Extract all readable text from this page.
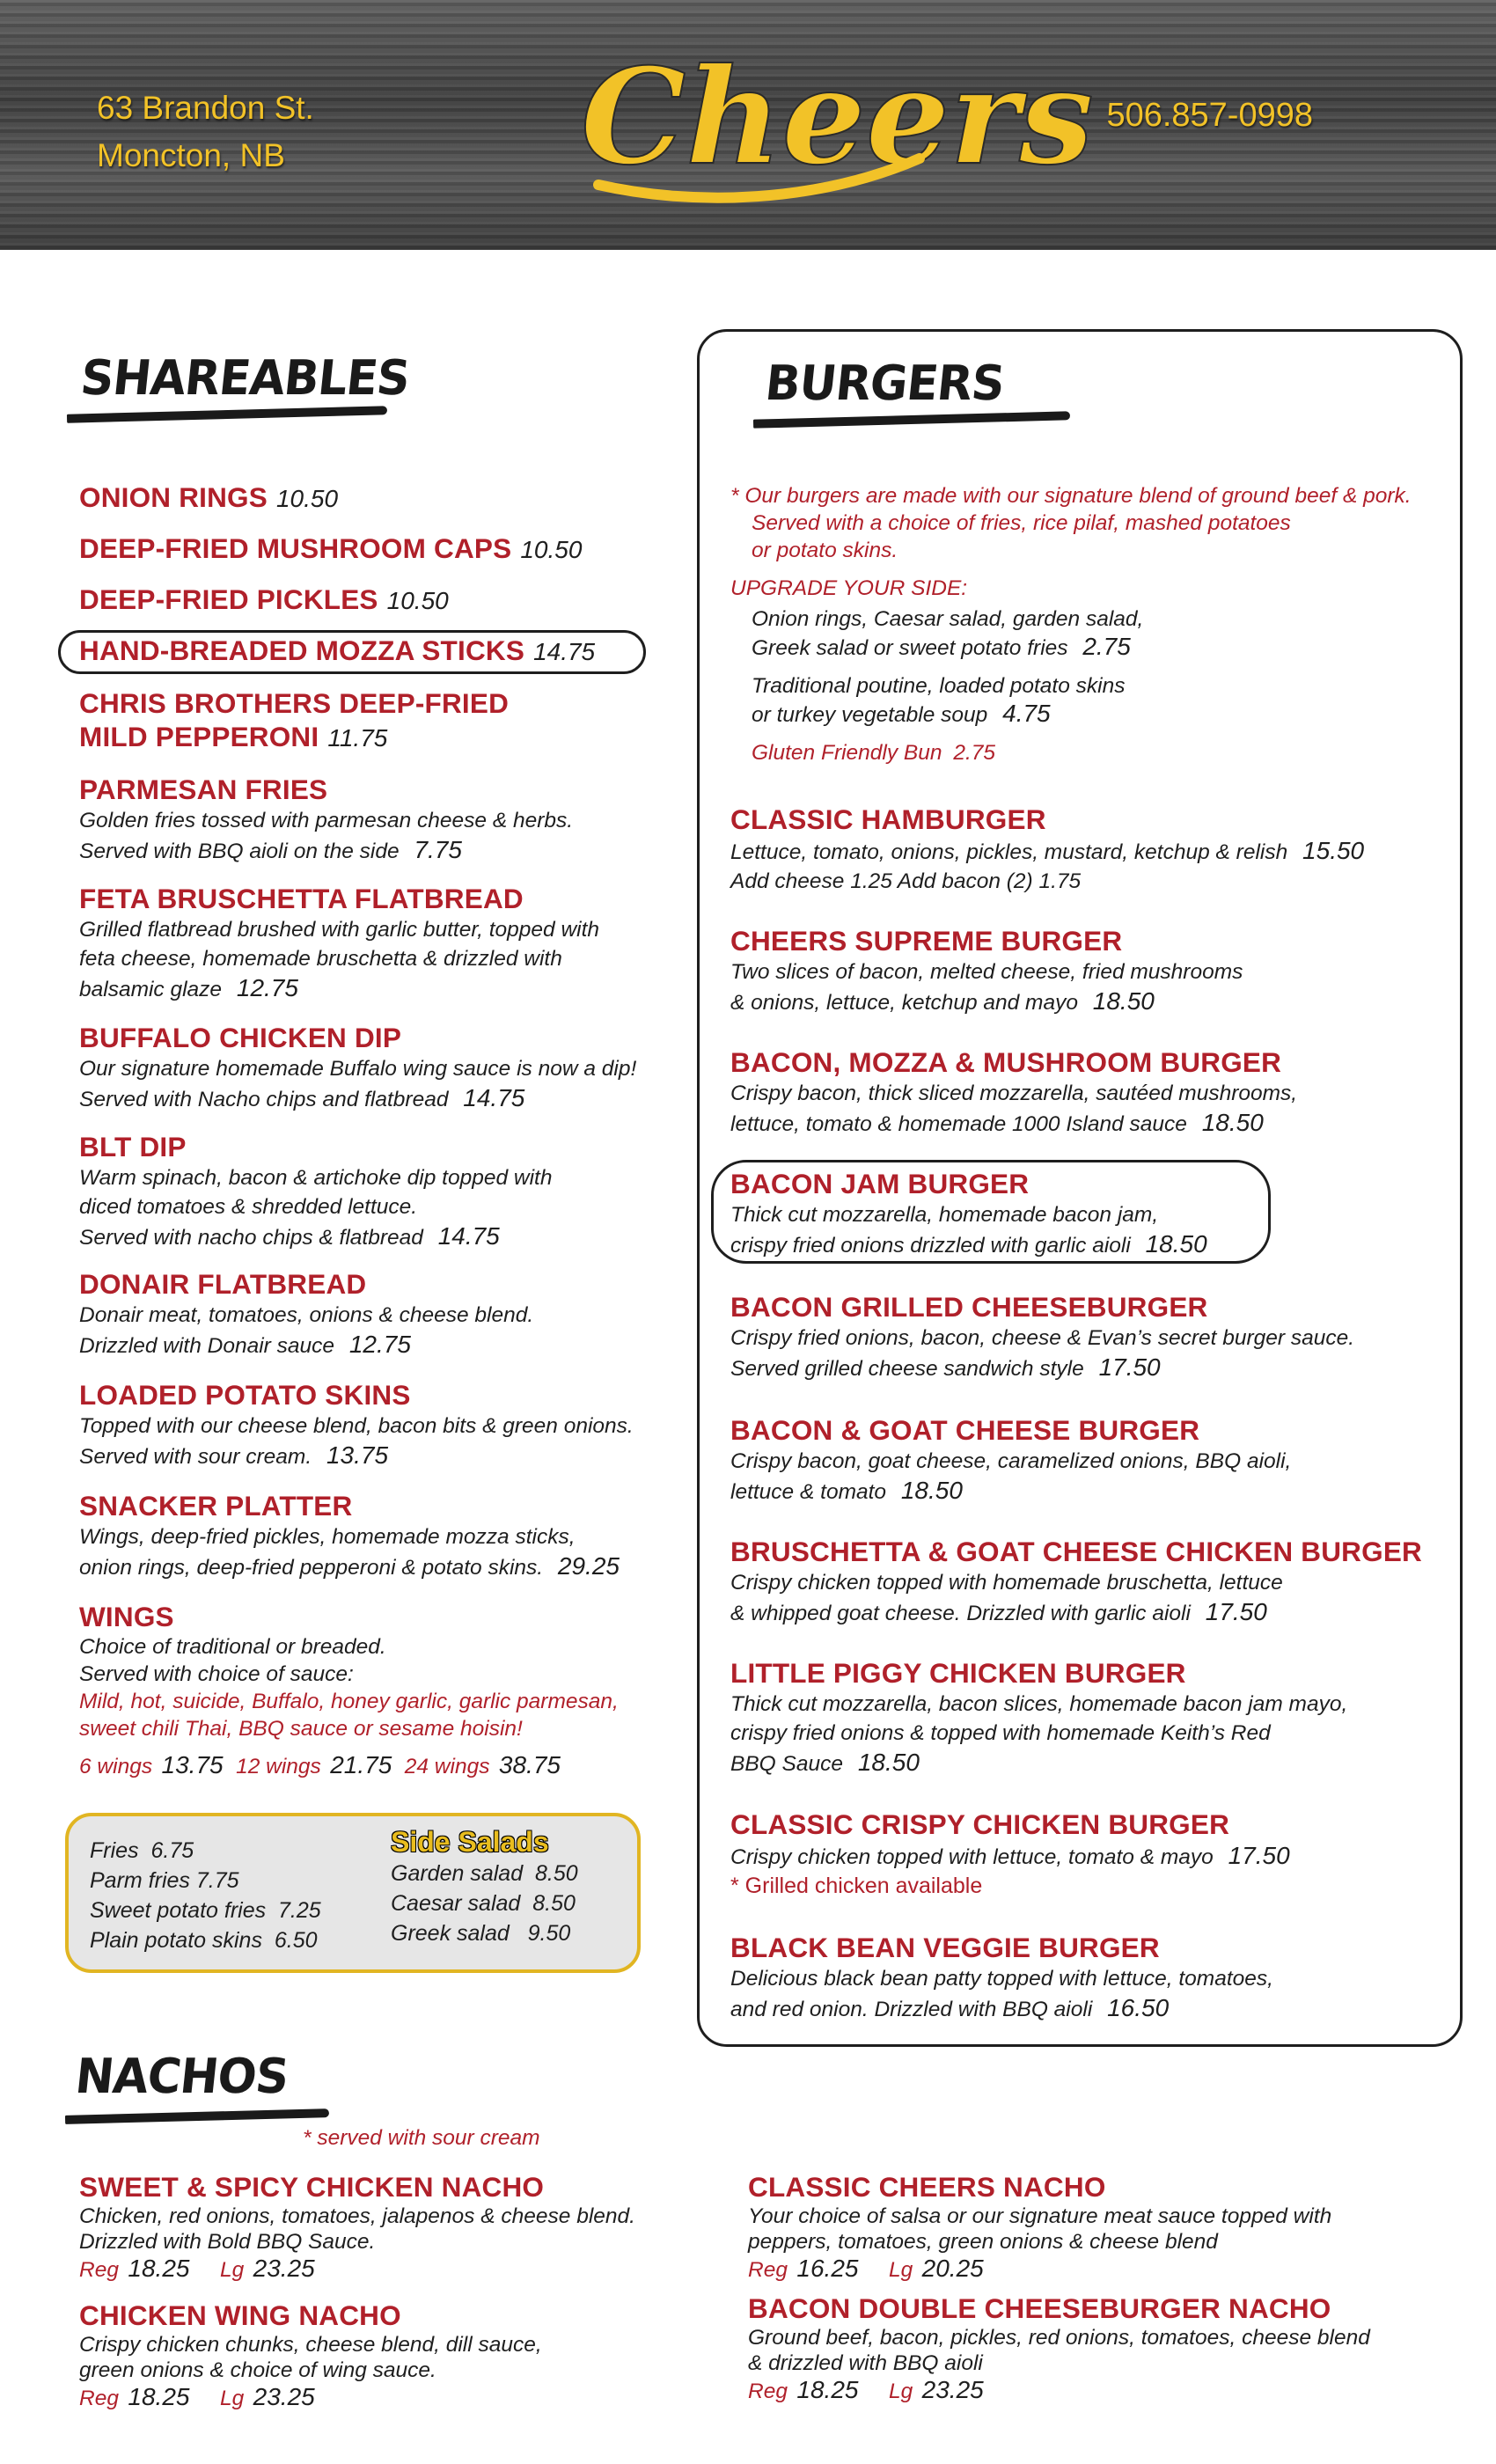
63 Brandon St.
Moncton, NB Cheers 506.857-0998
SHAREABLES
ONION RINGS 10.50
DEEP-FRIED MUSHROOM CAPS 10.50
DEEP-FRIED PICKLES 10.50
HAND-BREADED MOZZA STICKS 14.75
CHRIS BROTHERS DEEP-FRIED
MILD PEPPERONI 11.75
PARMESAN FRIES
Golden fries tossed with parmesan cheese & herbs.
Served with BBQ aioli on the side 7.75
FETA BRUSCHETTA FLATBREAD
Grilled flatbread brushed with garlic butter, topped with
feta cheese, homemade bruschetta & drizzled with
balsamic glaze 12.75
BUFFALO CHICKEN DIP
Our signature homemade Buffalo wing sauce is now a dip!
Served with Nacho chips and flatbread 14.75
BLT DIP
Warm spinach, bacon & artichoke dip topped with
diced tomatoes & shredded lettuce.
Served with nacho chips & flatbread 14.75
DONAIR FLATBREAD
Donair meat, tomatoes, onions & cheese blend.
Drizzled with Donair sauce 12.75
LOADED POTATO SKINS
Topped with our cheese blend, bacon bits & green onions.
Served with sour cream. 13.75
SNACKER PLATTER
Wings, deep-fried pickles, homemade mozza sticks,
onion rings, deep-fried pepperoni & potato skins. 29.25
WINGS
Choice of traditional or breaded.
Served with choice of sauce:
Mild, hot, suicide, Buffalo, honey garlic, garlic parmesan,
sweet chili Thai, BBQ sauce or sesame hoisin!
6 wings 13.75 12 wings 21.75 24 wings 38.75
Fries 6.75
Parm fries 7.75
Sweet potato fries 7.25
Plain potato skins 6.50
Side Salads
Garden salad 8.50
Caesar salad 8.50
Greek salad 9.50
BURGERS
* Our burgers are made with our signature blend of ground beef & pork.
Served with a choice of fries, rice pilaf, mashed potatoes
or potato skins.
UPGRADE YOUR SIDE:
Onion rings, Caesar salad, garden salad,
Greek salad or sweet potato fries 2.75
Traditional poutine, loaded potato skins
or turkey vegetable soup 4.75
Gluten Friendly Bun 2.75
CLASSIC HAMBURGER
Lettuce, tomato, onions, pickles, mustard, ketchup & relish 15.50
Add cheese 1.25 Add bacon (2) 1.75
CHEERS SUPREME BURGER
Two slices of bacon, melted cheese, fried mushrooms
& onions, lettuce, ketchup and mayo 18.50
BACON, MOZZA & MUSHROOM BURGER
Crispy bacon, thick sliced mozzarella, sautéed mushrooms,
lettuce, tomato & homemade 1000 Island sauce 18.50
BACON JAM BURGER
Thick cut mozzarella, homemade bacon jam,
crispy fried onions drizzled with garlic aioli 18.50
BACON GRILLED CHEESEBURGER
Crispy fried onions, bacon, cheese & Evan’s secret burger sauce.
Served grilled cheese sandwich style 17.50
BACON & GOAT CHEESE BURGER
Crispy bacon, goat cheese, caramelized onions, BBQ aioli,
lettuce & tomato 18.50
BRUSCHETTA & GOAT CHEESE CHICKEN BURGER
Crispy chicken topped with homemade bruschetta, lettuce
& whipped goat cheese. Drizzled with garlic aioli 17.50
LITTLE PIGGY CHICKEN BURGER
Thick cut mozzarella, bacon slices, homemade bacon jam mayo,
crispy fried onions & topped with homemade Keith’s Red
BBQ Sauce 18.50
CLASSIC CRISPY CHICKEN BURGER
Crispy chicken topped with lettuce, tomato & mayo 17.50
* Grilled chicken available
BLACK BEAN VEGGIE BURGER
Delicious black bean patty topped with lettuce, tomatoes,
and red onion. Drizzled with BBQ aioli 16.50
NACHOS
* served with sour cream
SWEET & SPICY CHICKEN NACHO
Chicken, red onions, tomatoes, jalapenos & cheese blend.
Drizzled with Bold BBQ Sauce.
Reg 18.25 Lg 23.25
CHICKEN WING NACHO
Crispy chicken chunks, cheese blend, dill sauce,
green onions & choice of wing sauce.
Reg 18.25 Lg 23.25
CLASSIC CHEERS NACHO
Your choice of salsa or our signature meat sauce topped with
peppers, tomatoes, green onions & cheese blend
Reg 16.25 Lg 20.25
BACON DOUBLE CHEESEBURGER NACHO
Ground beef, bacon, pickles, red onions, tomatoes, cheese blend
& drizzled with BBQ aioli
Reg 18.25 Lg 23.25
